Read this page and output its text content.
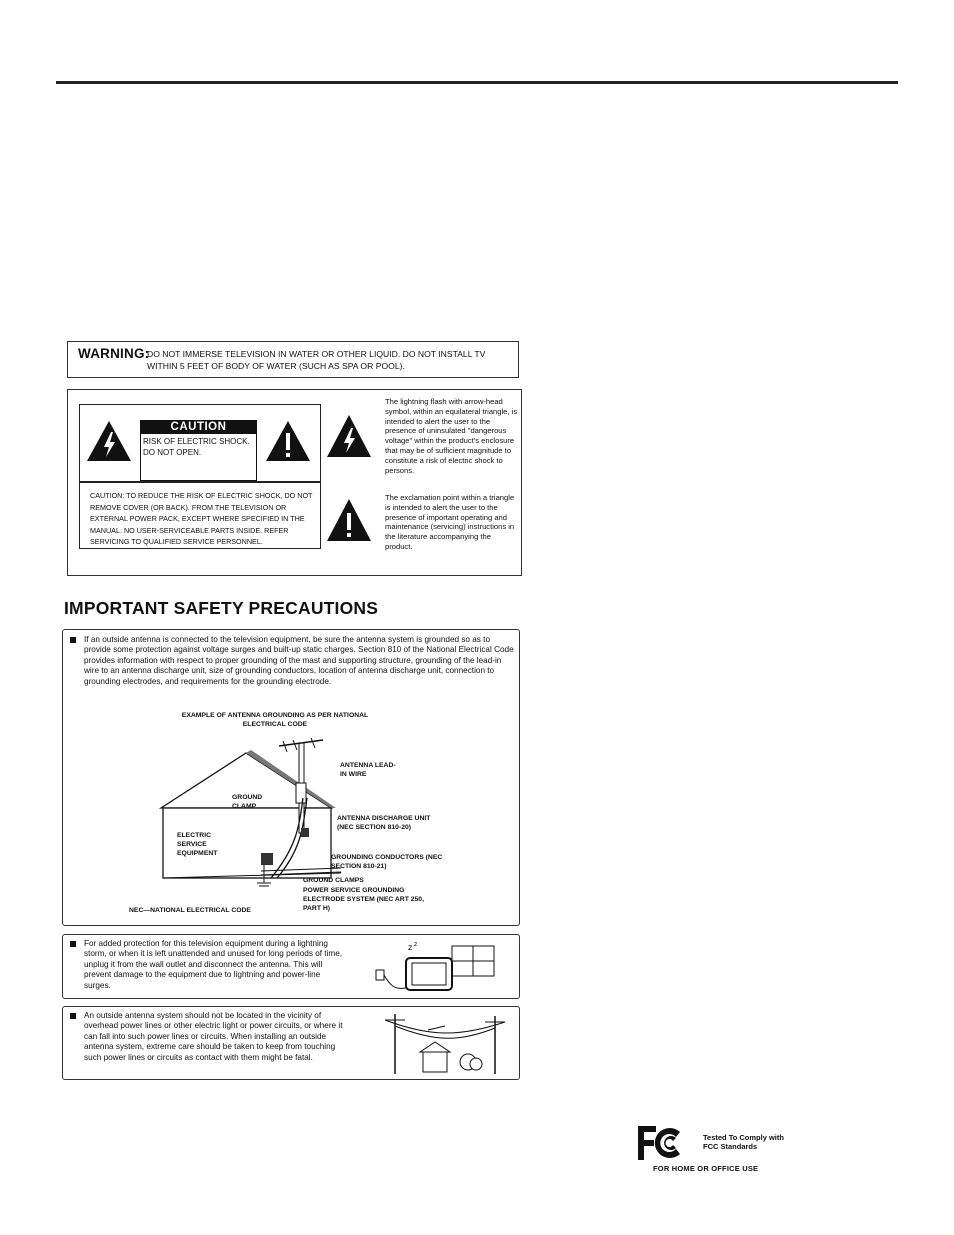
WARNING:
DO NOT IMMERSE TELEVISION IN WATER OR OTHER LIQUID. DO NOT INSTALL TV WITHIN 5 FEET OF BODY OF WATER (SUCH AS SPA OR POOL).
CAUTION
RISK OF ELECTRIC SHOCK. DO NOT OPEN.
CAUTION: TO REDUCE THE RISK OF ELECTRIC SHOCK, DO NOT REMOVE COVER (OR BACK). FROM THE TELEVISION OR EXTERNAL POWER PACK, EXCEPT WHERE SPECIFIED IN THE MANUAL. NO USER-SERVICEABLE PARTS INSIDE. REFER SERVICING TO QUALIFIED SERVICE PERSONNEL.
The lightning flash with arrow-head symbol, within an equilateral triangle, is intended to alert the user to the presence of uninsulated "dangerous voltage" within the product's enclosure that may be of sufficient magnitude to constitute a risk of electric shock to persons.
The exclamation point within a triangle is intended to alert the user to the presence of important operating and maintenance (servicing) instructions in the literature accompanying the product.
IMPORTANT SAFETY PRECAUTIONS
If an outside antenna is connected to the television equipment, be sure the antenna system is grounded so as to provide some protection against voltage surges and built-up static charges. Section 810 of the National Electrical Code provides information with respect to proper grounding of the mast and supporting structure, grounding of the lead-in wire to an antenna discharge unit, size of grounding conductors, location of antenna discharge unit, connection to grounding electrodes, and requirements for the grounding electrode.
EXAMPLE OF ANTENNA GROUNDING AS PER NATIONAL ELECTRICAL CODE
ANTENNA LEAD-IN WIRE
GROUND CLAMP
ANTENNA DISCHARGE UNIT (NEC SECTION 810-20)
ELECTRIC SERVICE EQUIPMENT
GROUNDING CONDUCTORS (NEC SECTION 810-21)
GROUND CLAMPS
POWER SERVICE GROUNDING ELECTRODE SYSTEM (NEC ART 250, PART H)
NEC—NATIONAL ELECTRICAL CODE
For added protection for this television equipment during a lightning storm, or when it is left unattended and unused for long periods of time, unplug it from the wall outlet and disconnect the antenna. This will prevent damage to the equipment due to lightning and power-line surges.
z z
An outside antenna system should not be located in the vicinity of overhead power lines or other electric light or power circuits, or where it can fall into such power lines or circuits. When installing an outside antenna system, extreme care should be taken to keep from touching such power lines or circuits as contact with them might be fatal.
Tested To Comply with FCC Standards
FOR HOME OR OFFICE USE
